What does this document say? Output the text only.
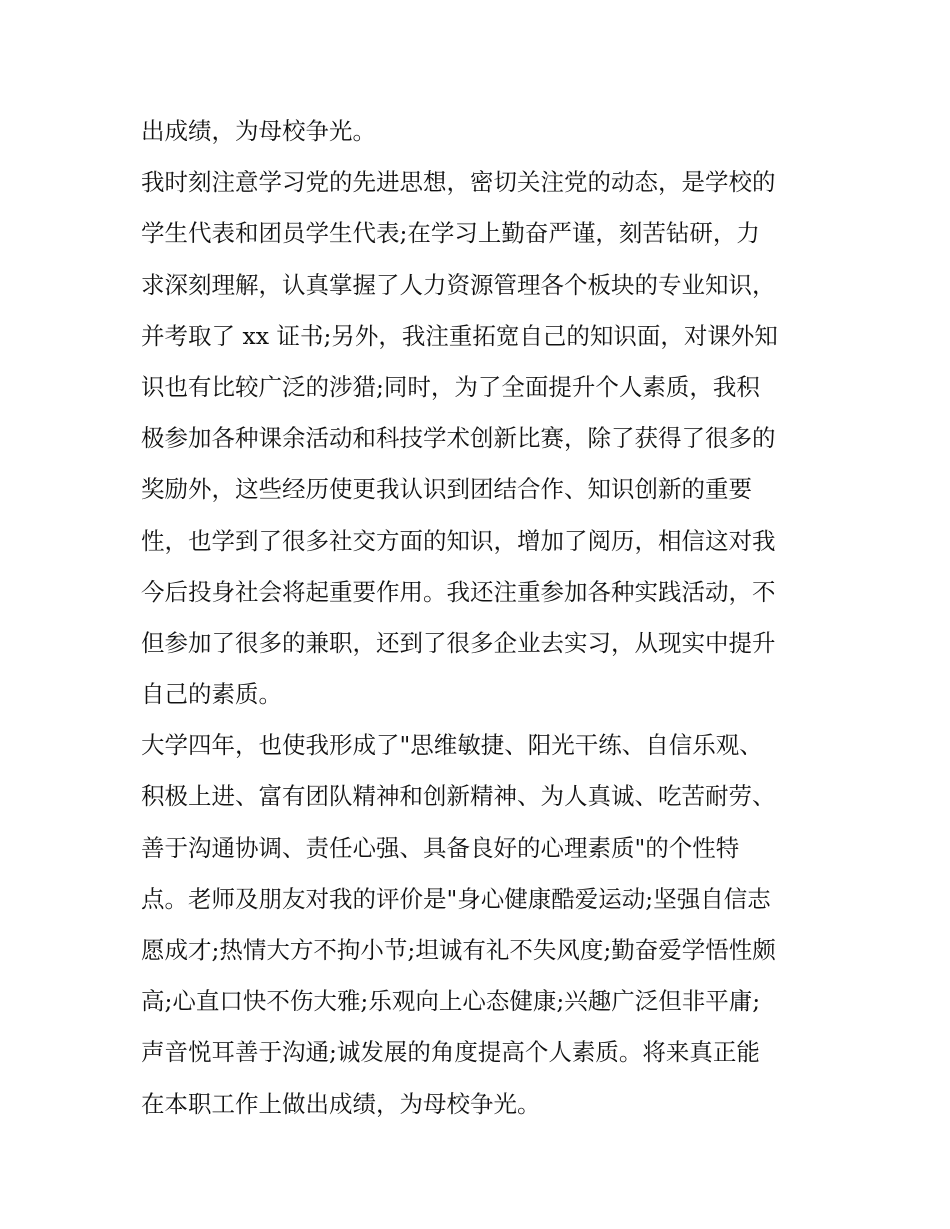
出成绩，为母校争光。
我时刻注意学习党的先进思想，密切关注党的动态，是学校的
学生代表和团员学生代表;在学习上勤奋严谨，刻苦钻研，力
求深刻理解，认真掌握了人力资源管理各个板块的专业知识，
并考取了 xx 证书;另外，我注重拓宽自己的知识面，对课外知
识也有比较广泛的涉猎;同时，为了全面提升个人素质，我积
极参加各种课余活动和科技学术创新比赛，除了获得了很多的
奖励外，这些经历使更我认识到团结合作、知识创新的重要
性，也学到了很多社交方面的知识，增加了阅历，相信这对我
今后投身社会将起重要作用。我还注重参加各种实践活动，不
但参加了很多的兼职，还到了很多企业去实习，从现实中提升
自己的素质。
大学四年，也使我形成了"思维敏捷、阳光干练、自信乐观、
积极上进、富有团队精神和创新精神、为人真诚、吃苦耐劳、
善于沟通协调、责任心强、具备良好的心理素质"的个性特
点。老师及朋友对我的评价是"身心健康酷爱运动;坚强自信志
愿成才;热情大方不拘小节;坦诚有礼不失风度;勤奋爱学悟性颇
高;心直口快不伤大雅;乐观向上心态健康;兴趣广泛但非平庸;
声音悦耳善于沟通;诚发展的角度提高个人素质。将来真正能
在本职工作上做出成绩，为母校争光。
